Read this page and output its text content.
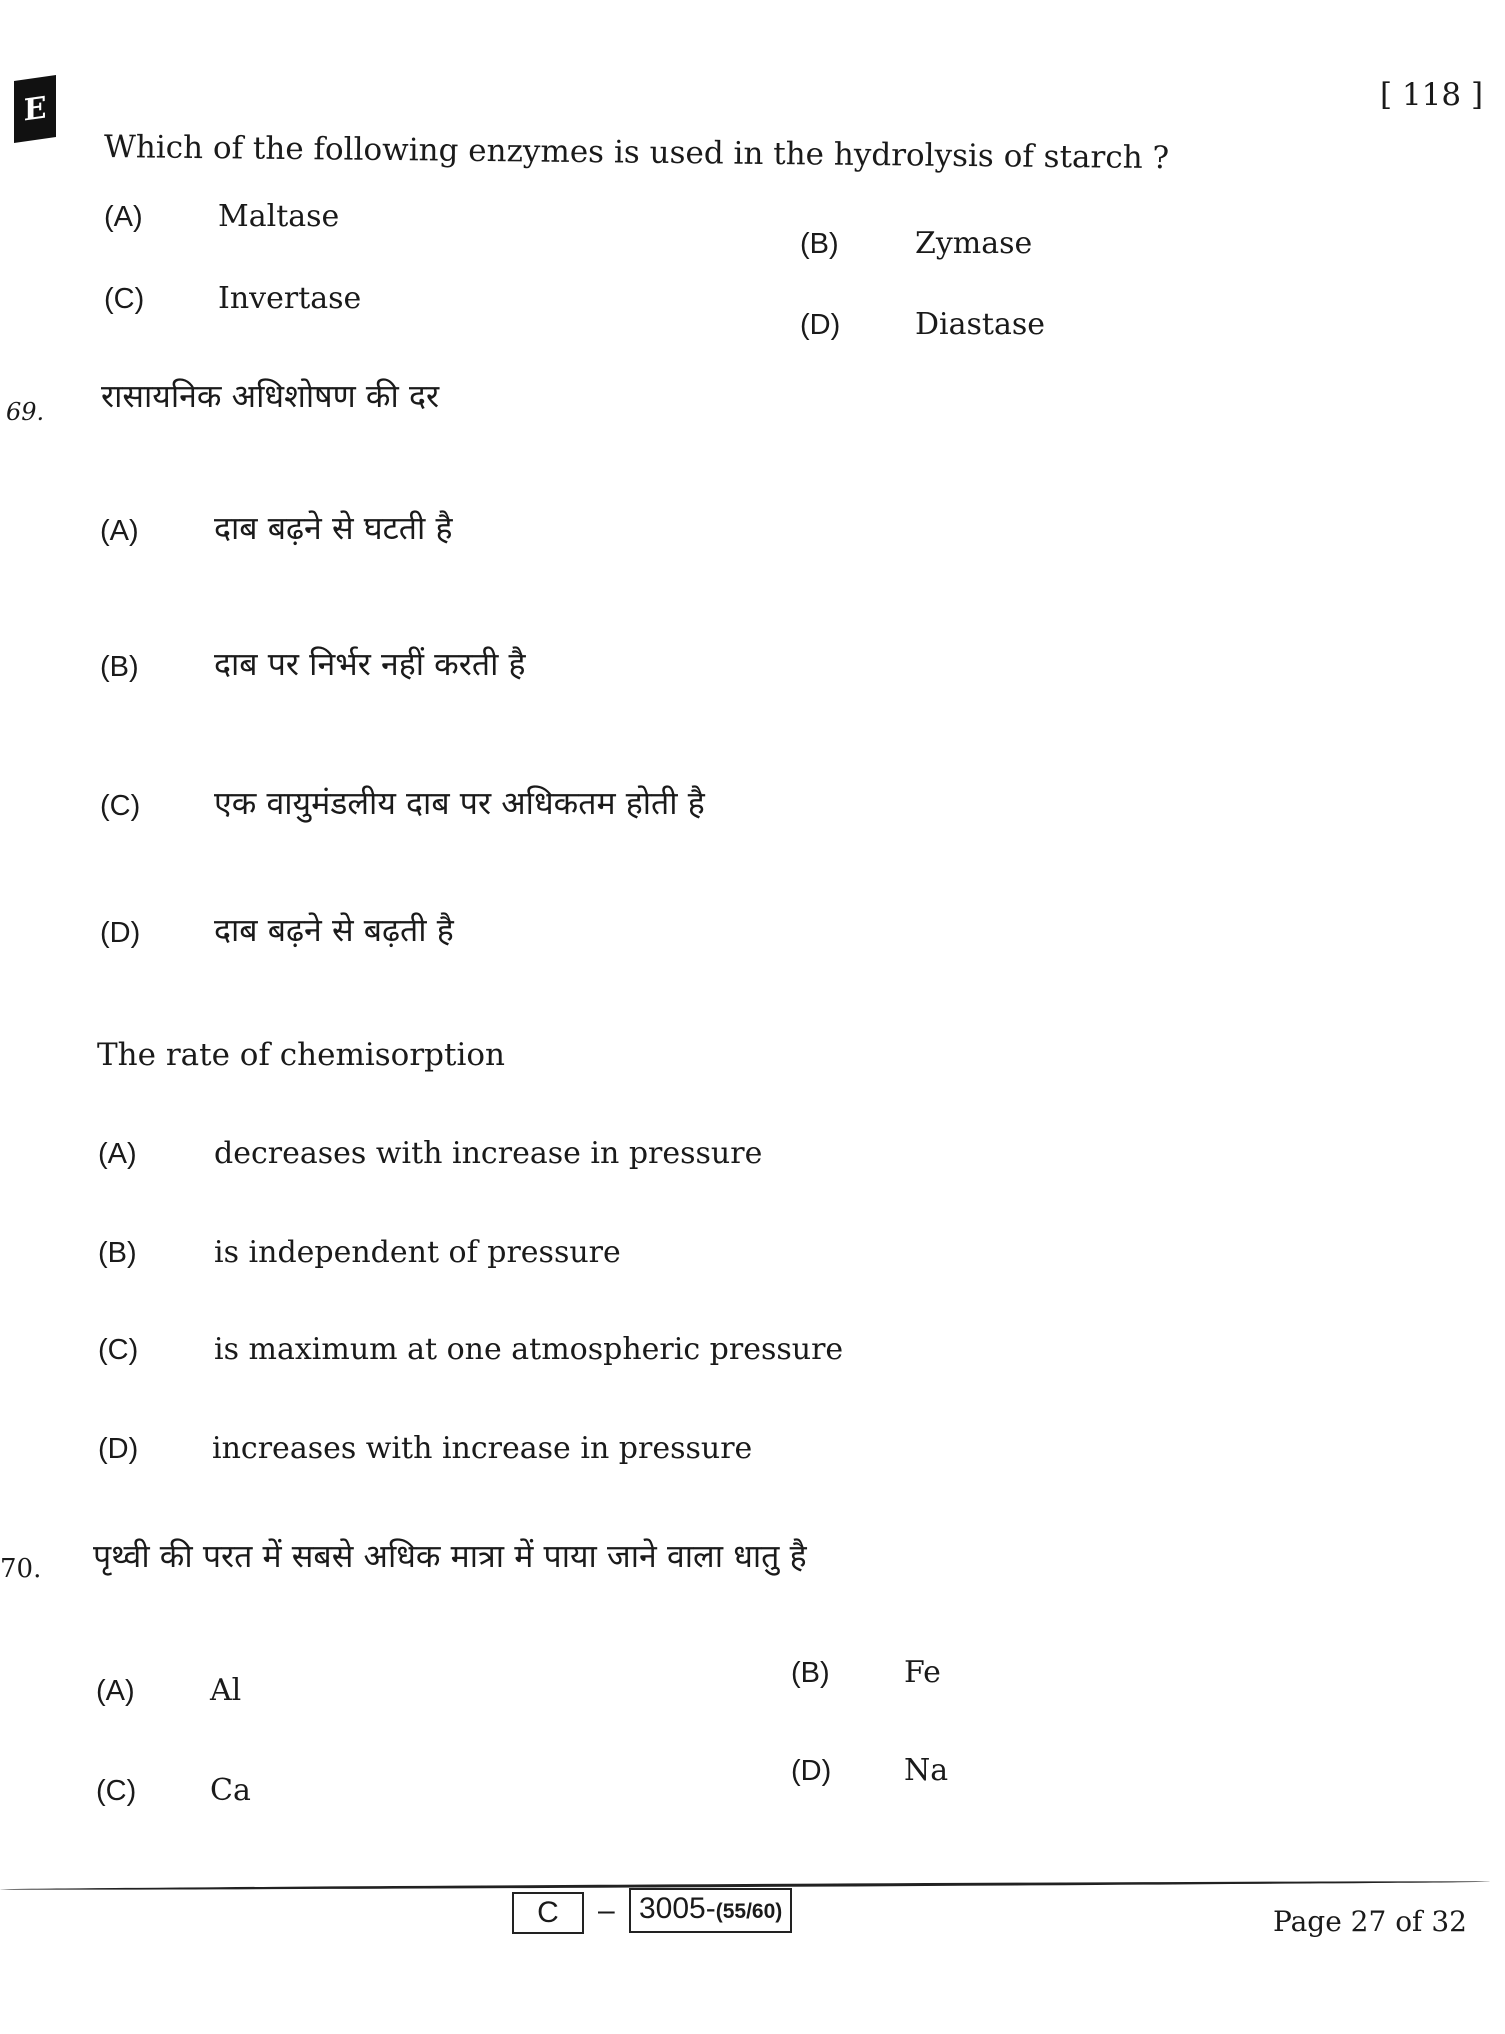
E	[ 118 ]
Which of the following enzymes is used in the hydrolysis of starch ?
(A)	Maltase
(B)	Zymase
(C) Invertase
(D) Diastase
69. रासायनिक अधिशोषण की दर
(A) दाब बढ़ने से घटती है
(B) दाब पर निर्भर नहीं करती है
(C) एक वायुमंडलीय दाब पर अधिकतम होती है
(D) दाब बढ़ने से बढ़ती है
The rate of chemisorption
(A)	decreases with increase in pressure
(B)	is independent of pressure
(C)	is maximum at one atmospheric pressure
(D) increases with increase in pressure
70. पृथ्वी की परत में सबसे अधिक मात्रा में पाया जाने वाला धातु है
(A)	Al	(B) Fe
(C) Ca
(D) Na
C	– 3005-(55/60)	Page 27 of 32
